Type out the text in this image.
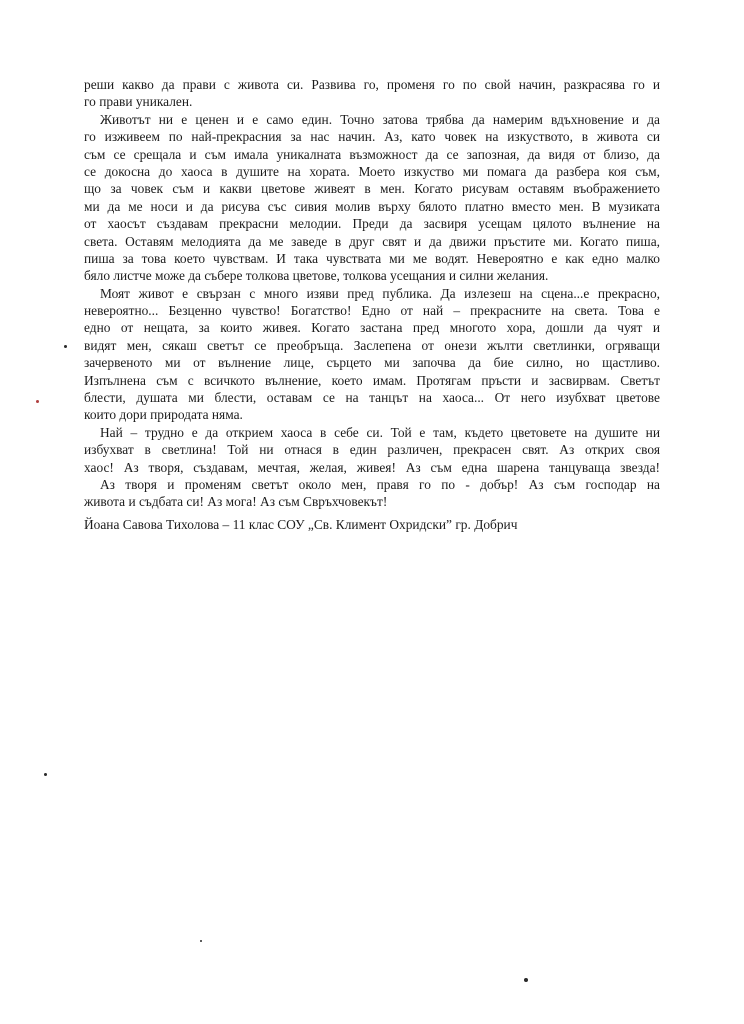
реши какво да прави с живота си. Развива го, променя го по свой начин, разкрасява го и
го прави уникален.

Животът ни е ценен и е само един. Точно затова трябва да намерим вдъхновение и да
го изживеем по най-прекрасния за нас начин. Аз, като човек на изкуството, в живота си
съм се срещала и съм имала уникалната възможност да се запозная, да видя от близо, да
се докосна до хаоса в душите на хората. Моето изкуство ми помага да разбера коя съм,
що за човек съм и какви цветове живеят в мен. Когато рисувам оставям въображението
ми да ме носи и да рисува със сивия молив върху бялото платно вместо мен. В музиката
от хаосът създавам прекрасни мелодии. Преди да засвиря усещам цялото вълнение на
света. Оставям мелодията да ме заведе в друг свят и да движи пръстите ми. Когато пиша,
пиша за това което чувствам. И така чувствата ми ме водят. Невероятно е как едно малко
бяло листче може да събере толкова цветове, толкова усещания и силни желания.

Моят живот е свързан с много изяви пред публика. Да излезеш на сцена...е прекрасно,
невероятно... Безценно чувство! Богатство! Едно от най – прекрасните на света. Това е
едно от нещата, за които живея. Когато застана пред многото хора, дошли да чуят и
видят мен, сякаш светът се преобръща. Заслепена от онези жълти светлинки, огряващи
зачервеното ми от вълнение лице, сърцето ми започва да бие силно, но щастливо.
Изпълнена съм с всичкото вълнение, което имам. Протягам пръсти и засвирвам. Светът
блести, душата ми блести, оставам се на танцът на хаоса... От него изубхват цветове
които дори природата няма.

Най – трудно е да открием хаоса в себе си. Той е там, където цветовете на душите ни
избухват в светлина! Той ни отнася в един различен, прекрасен свят. Аз открих своя
хаос! Аз творя, създавам, мечтая, желая, живея! Аз съм една шарена танцуваща звезда!

Аз творя и променям светът около мен, правя го по - добър! Аз съм господар на
живота и съдбата си! Аз мога! Аз съм Свръхчовекът!

Йоана Савова Тихолова – 11 клас СОУ „Св. Климент Охридски” гр. Добрич
